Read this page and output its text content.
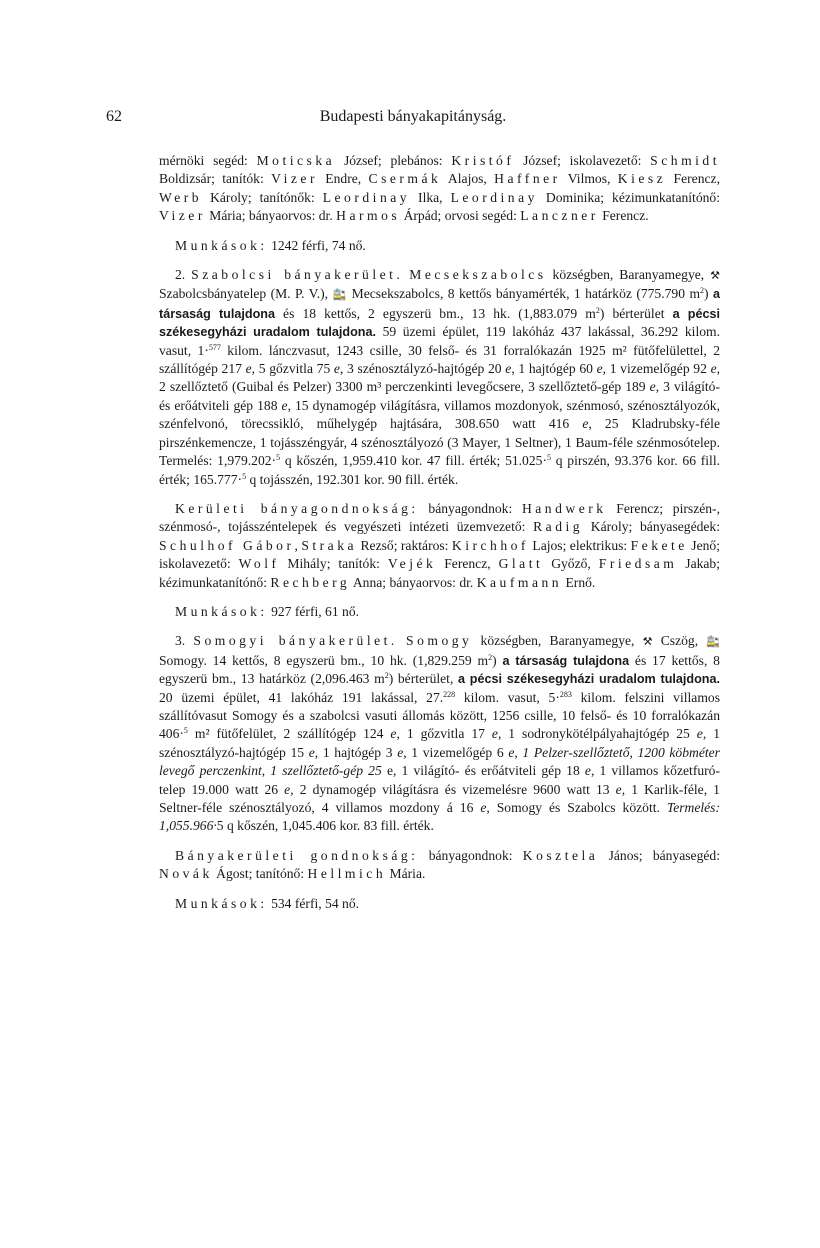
62	Budapesti bányakapitányság.

mérnöki segéd: Moticska József; plebános: Kristóf József; iskolavezető: Schmidt Boldizsár; tanítók: Vizer Endre, Csermák Alajos, Haffner Vilmos, Kiesz Ferencz, Werb Károly; tanítónők: Leordinay Ilka, Leordinay Dominika; kézimunkatanítónő: Vizer Mária; bányaorvos: dr. Harmos Árpád; orvosi segéd: Lanczner Ferencz.

Munkások: 1242 férfi, 74 nő.

2. Szabolcsi bányakerület. Mecsekszabolcs községben, Baranyamegye, ⚒ Szabolcsbányatelep (M. P. V.), 🚉 Mecsekszabolcs, 8 kettős bányamérték, 1 határköz (775.790 $m^2$) a társaság tulajdona és 18 kettős, 2 egyszerü bm., 13 hk. (1,883.079 $m^2$) bérterület a pécsi székesegyházi uradalom tulajdona. 59 üzemi épület, 119 lakóház 437 lakással, 36.292 kilom. vasut, 1·$^{577}$ kilom. lánczvasut, 1243 csille, 30 felső- és 31 forralókazán 1925 m² fütőfelülettel, 2 szállítógép 217 e, 5 gőzvitla 75 e, 3 szénosztályzó-hajtógép 20 e, 1 hajtógép 60 e, 1 vizemelőgép 92 e, 2 szellőztető (Guibal és Pelzer) 3300 m³ perczenkinti levegőcsere, 3 szellőztető-gép 189 e, 3 világító- és erőátviteli gép 188 e, 15 dynamogép világításra, villamos mozdonyok, szénmosó, szénosztályozók, szénfelvonó, törecssikló, műhelygép hajtására, 308.650 watt 416 e, 25 Kladrubsky-féle pirszénkemencze, 1 tojásszéngyár, 4 szénosztályozó (3 Mayer, 1 Seltner), 1 Baum-féle szénmosótelep. Termelés: 1,979.202·$^5$ q kőszén, 1,959.410 kor. 47 fill. érték; 51.025·$^5$ q pirszén, 93.376 kor. 66 fill. érték; 165.777·$^5$ q tojásszén, 192.301 kor. 90 fill. érték.

Kerületi bányagondnokság: bányagondnok: Handwerk Ferencz; pirszén-, szénmosó-, tojásszéntelepek és vegyészeti intézeti üzemvezető: Radig Károly; bányasegédek: Schulhof Gábor, Straka Rezső; raktáros: Kirchhof Lajos; elektrikus: Fekete Jenő; iskolavezető: Wolf Mihály; tanítók: Vejék Ferencz, Glatt Győző, Friedsam Jakab; kézimunkatanítónő: Rechberg Anna; bányaorvos: dr. Kaufmann Ernő.

Munkások: 927 férfi, 61 nő.

3. Somogyi bányakerület. Somogy községben, Baranyamegye, ⚒ Cszög, 🚉 Somogy. 14 kettős, 8 egyszerü bm., 10 hk. (1,829.259 $m^2$) a társaság tulajdona és 17 kettős, 8 egyszerü bm., 13 határköz (2,096.463 $m^2$) bérterület, a pécsi székesegyházi uradalom tulajdona. 20 üzemi épület, 41 lakóház 191 lakással, 27.$^{228}$ kilom. vasut, 5·$^{283}$ kilom. felszini villamos szállítóvasut Somogy és a szabolcsi vasuti állomás között, 1256 csille, 10 felső- és 10 forralókazán 406·$^5$ m² fütőfelület, 2 szállítógép 124 e, 1 gőzvitla 17 e, 1 sodronykötélpályahajtógép 25 e, 1 szénosztályzó-hajtógép 15 e, 1 hajtógép 3 e, 1 vizemelőgép 6 e, 1 Pelzer-szellőztető, 1200 köbméter levegő perczenkint, 1 szellőztető-gép 25 e, 1 világító- és erőátviteli gép 18 e, 1 villamos kőzetfuró-telep 19.000 watt 26 e, 2 dynamogép világításra és vizemelésre 9600 watt 13 e, 1 Karlik-féle, 1 Seltner-féle szénosztályozó, 4 villamos mozdony á 16 e, Somogy és Szabolcs között. Termelés: 1,055.966·5 q kőszén, 1,045.406 kor. 83 fill. érték.

Bányakerületi gondnokság: bányagondnok: Kosztela János; bányasegéd: Novák Ágost; tanítónő: Hellmich Mária.

Munkások: 534 férfi, 54 nő.
